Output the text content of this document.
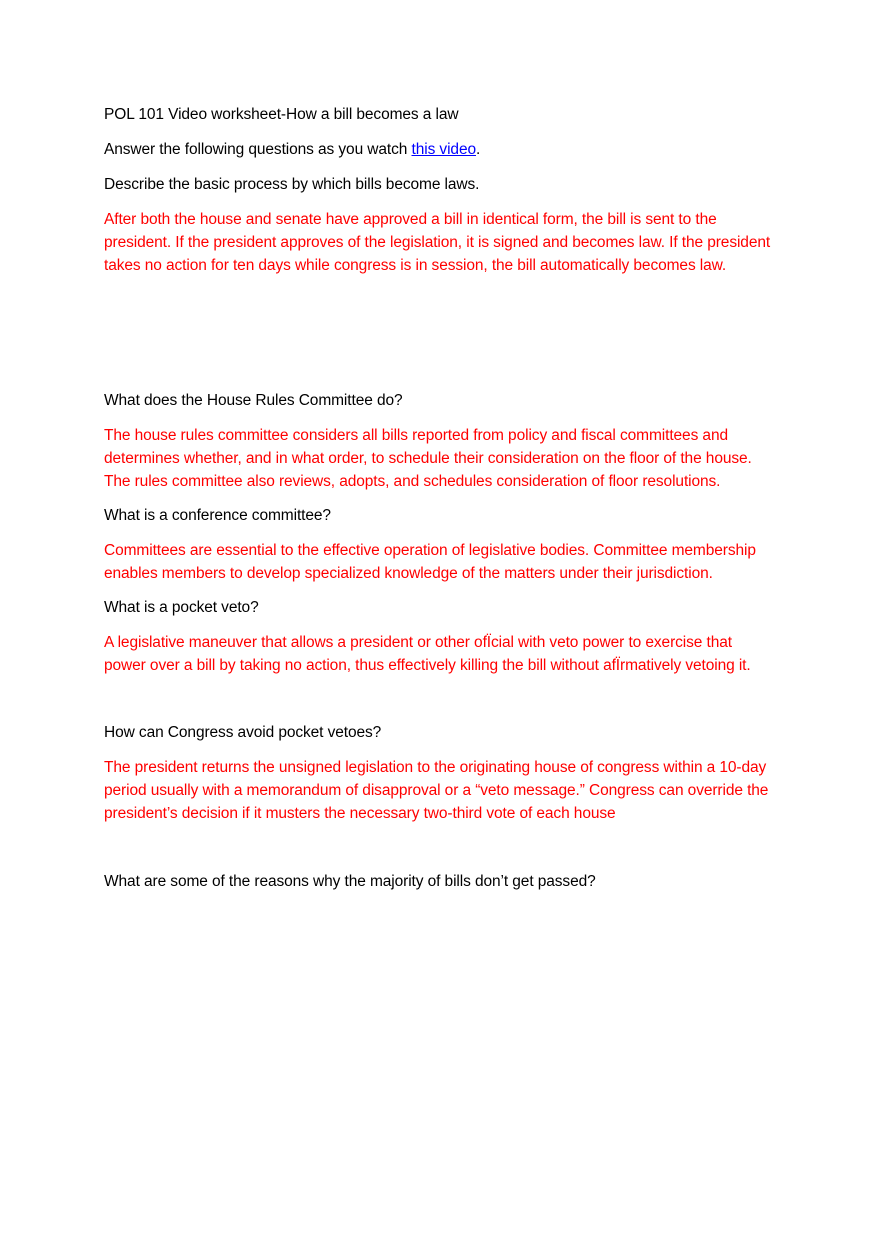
POL 101 Video worksheet-How a bill becomes a law

Answer the following questions as you watch this video.

Describe the basic process by which bills become laws.

After both the house and senate have approved a bill in identical form, the bill is sent to the president. If the president approves of the legislation, it is signed and becomes law. If the president takes no action for ten days while congress is in session, the bill automatically becomes law.

What does the House Rules Committee do?

The house rules committee considers all bills reported from policy and fiscal committees and determines whether, and in what order, to schedule their consideration on the floor of the house. The rules committee also reviews, adopts, and schedules consideration of floor resolutions.

What is a conference committee?

Committees are essential to the effective operation of legislative bodies. Committee membership enables members to develop specialized knowledge of the matters under their jurisdiction.

What is a pocket veto?

A legislative maneuver that allows a president or other ofÏcial with veto power to exercise that power over a bill by taking no action, thus effectively killing the bill without afÏrmatively vetoing it.

How can Congress avoid pocket vetoes?

The president returns the unsigned legislation to the originating house of congress within a 10-day period usually with a memorandum of disapproval or a “veto message.” Congress can override the president’s decision if it musters the necessary two-third vote of each house

What are some of the reasons why the majority of bills don’t get passed?
